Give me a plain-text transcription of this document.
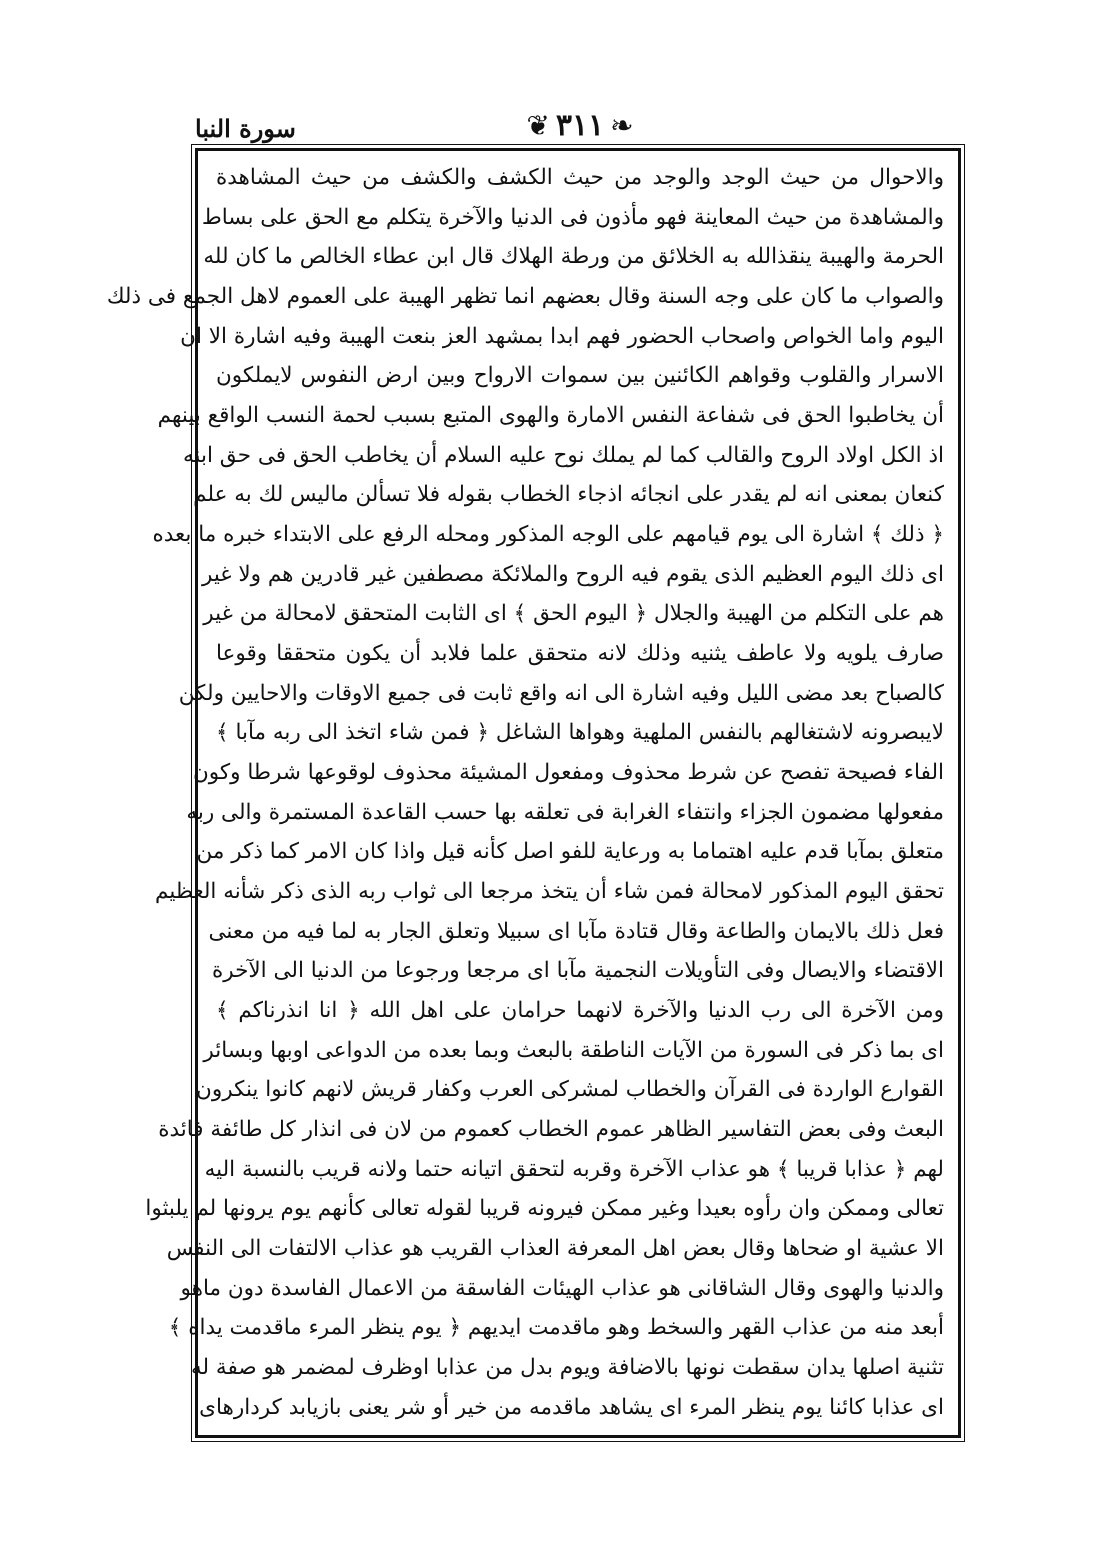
سورة النبا	❦ ٣١١ ❧
والاحوال من حيث الوجد والوجد من حيث الكشف والكشف من حيث المشاهدة
والمشاهدة من حيث المعاينة فهو مأذون فى الدنيا والآخرة يتكلم مع الحق على بساط
الحرمة والهيبة ينقذالله به الخلائق من ورطة الهلاك قال ابن عطاء الخالص ما كان لله
والصواب ما كان على وجه السنة وقال بعضهم انما تظهر الهيبة على العموم لاهل الجمع فى ذلك
اليوم واما الخواص واصحاب الحضور فهم ابدا بمشهد العز بنعت الهيبة وفيه اشارة الا ان
الاسرار والقلوب وقواهم الكائنين بين سموات الارواح وبين ارض النفوس لايملكون
أن يخاطبوا الحق فى شفاعة النفس الامارة والهوى المتبع بسبب لحمة النسب الواقع بينهم
اذ الكل اولاد الروح والقالب كما لم يملك نوح عليه السلام أن يخاطب الحق فى حق ابنه
كنعان بمعنى انه لم يقدر على انجائه اذجاء الخطاب بقوله فلا تسألن ماليس لك به علم
﴿ ذلك ﴾ اشارة الى يوم قيامهم على الوجه المذكور ومحله الرفع على الابتداء خبره ما بعده
اى ذلك اليوم العظيم الذى يقوم فيه الروح والملائكة مصطفين غير قادرين هم ولا غير
هم على التكلم من الهيبة والجلال ﴿ اليوم الحق ﴾ اى الثابت المتحقق لامحالة من غير
صارف يلويه ولا عاطف يثنيه وذلك لانه متحقق علما فلابد أن يكون متحققا وقوعا
كالصباح بعد مضى الليل وفيه اشارة الى انه واقع ثابت فى جميع الاوقات والاحايين ولكن
لايبصرونه لاشتغالهم بالنفس الملهية وهواها الشاغل ﴿ فمن شاء اتخذ الى ربه مآبا ﴾
الفاء فصيحة تفصح عن شرط محذوف ومفعول المشيئة محذوف لوقوعها شرطا وكون
مفعولها مضمون الجزاء وانتفاء الغرابة فى تعلقه بها حسب القاعدة المستمرة والى ربه
متعلق بمآبا قدم عليه اهتماما به ورعاية للفو اصل كأنه قيل واذا كان الامر كما ذكر من
تحقق اليوم المذكور لامحالة فمن شاء أن يتخذ مرجعا الى ثواب ربه الذى ذكر شأنه العظيم
فعل ذلك بالايمان والطاعة وقال قتادة مآبا اى سبيلا وتعلق الجار به لما فيه من معنى
الاقتضاء والايصال وفى التأويلات النجمية مآبا اى مرجعا ورجوعا من الدنيا الى الآخرة
ومن الآخرة الى رب الدنيا والآخرة لانهما حرامان على اهل الله ﴿ انا انذرناكم ﴾
اى بما ذكر فى السورة من الآيات الناطقة بالبعث وبما بعده من الدواعى اوبها وبسائر
القوارع الواردة فى القرآن والخطاب لمشركى العرب وكفار قريش لانهم كانوا ينكرون
البعث وفى بعض التفاسير الظاهر عموم الخطاب كعموم من لان فى انذار كل طائفة فائدة
لهم ﴿ عذابا قريبا ﴾ هو عذاب الآخرة وقربه لتحقق اتيانه حتما ولانه قريب بالنسبة اليه
تعالى وممكن وان رأوه بعيدا وغير ممكن فيرونه قريبا لقوله تعالى كأنهم يوم يرونها لم يلبثوا
الا عشية او ضحاها وقال بعض اهل المعرفة العذاب القريب هو عذاب الالتفات الى النفس
والدنيا والهوى وقال الشاقانى هو عذاب الهيئات الفاسقة من الاعمال الفاسدة دون ماهو
أبعد منه من عذاب القهر والسخط وهو ماقدمت ايديهم ﴿ يوم ينظر المرء ماقدمت يداه ﴾
تثنية اصلها يدان سقطت نونها بالاضافة ويوم بدل من عذابا اوظرف لمضمر هو صفة له
اى عذابا كائنا يوم ينظر المرء اى يشاهد ماقدمه من خير أو شر يعنى بازيابد كردارهاى
